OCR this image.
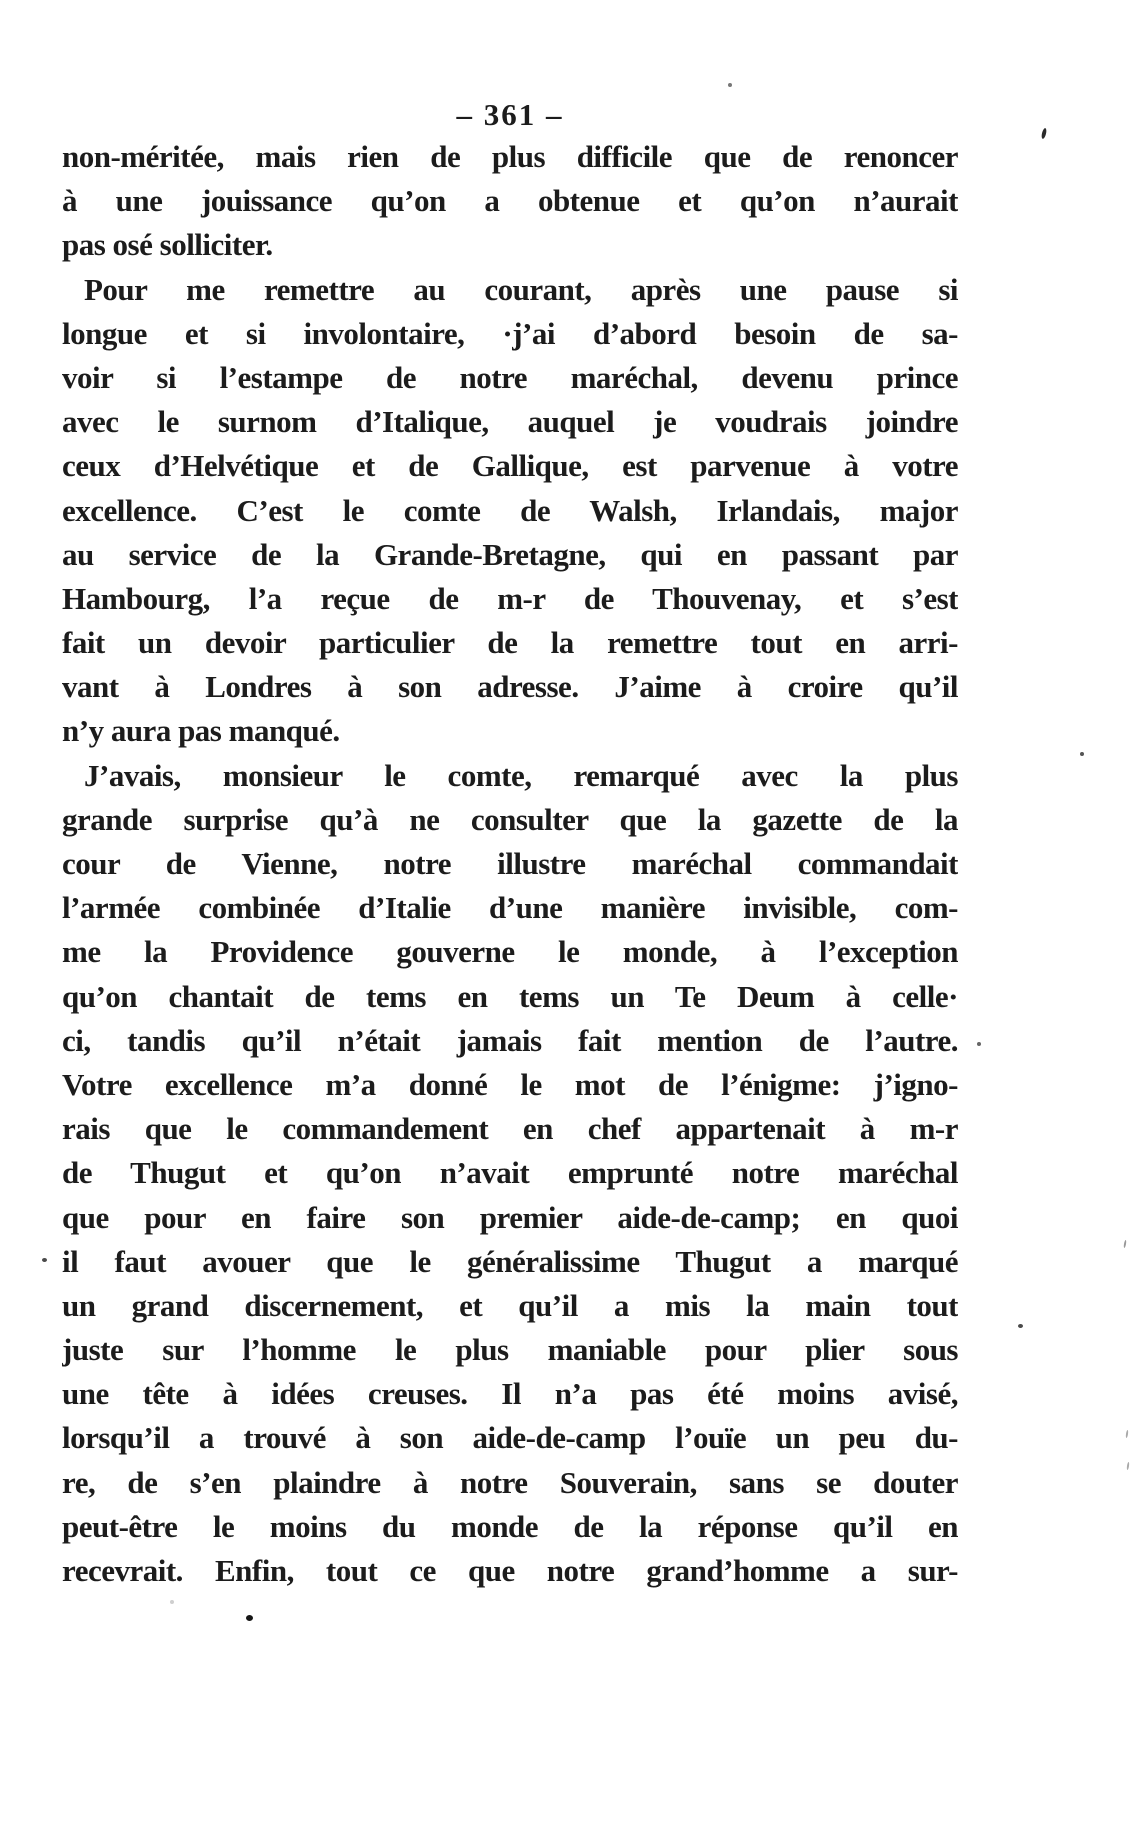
– 361 –
non-méritée, mais rien de plus difficile que de renoncer
à une jouissance qu’on a obtenue et qu’on n’aurait
pas osé solliciter.
Pour me remettre au courant, après une pause si
longue et si involontaire, ·j’ai d’abord besoin de sa-
voir si l’estampe de notre maréchal, devenu prince
avec le surnom d’Italique, auquel je voudrais joindre
ceux d’Helvétique et de Gallique, est parvenue à votre
excellence. C’est le comte de Walsh, Irlandais, major
au service de la Grande-Bretagne, qui en passant par
Hambourg, l’a reçue de m-r de Thouvenay, et s’est
fait un devoir particulier de la remettre tout en arri-
vant à Londres à son adresse. J’aime à croire qu’il
n’y aura pas manqué.
J’avais, monsieur le comte, remarqué avec la plus
grande surprise qu’à ne consulter que la gazette de la
cour de Vienne, notre illustre maréchal commandait
l’armée combinée d’Italie d’une manière invisible, com-
me la Providence gouverne le monde, à l’exception
qu’on chantait de tems en tems un Te Deum à celle·
ci, tandis qu’il n’était jamais fait mention de l’autre.
Votre excellence m’a donné le mot de l’énigme: j’igno-
rais que le commandement en chef appartenait à m-r
de Thugut et qu’on n’avait emprunté notre maréchal
que pour en faire son premier aide-de-camp; en quoi
il faut avouer que le généralissime Thugut a marqué
un grand discernement, et qu’il a mis la main tout
juste sur l’homme le plus maniable pour plier sous
une tête à idées creuses. Il n’a pas été moins avisé,
lorsqu’il a trouvé à son aide-de-camp l’ouïe un peu du-
re, de s’en plaindre à notre Souverain, sans se douter
peut-être le moins du monde de la réponse qu’il en
recevrait. Enfin, tout ce que notre grand’homme a sur-
